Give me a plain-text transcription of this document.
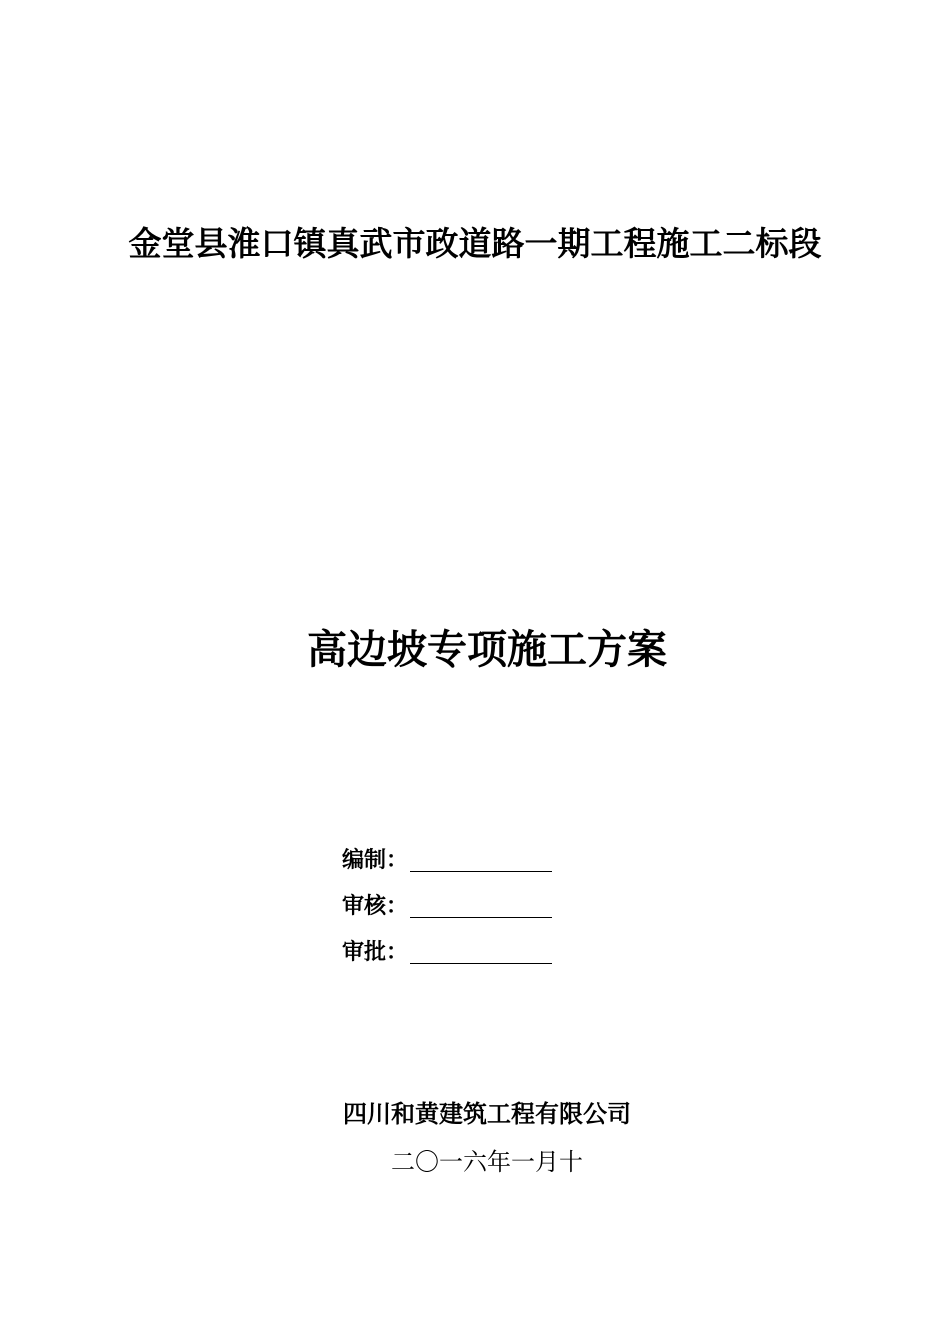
金堂县淮口镇真武市政道路一期工程施工二标段
高边坡专项施工方案
编制：
审核：
审批：
四川和黄建筑工程有限公司
二〇一六年一月十
